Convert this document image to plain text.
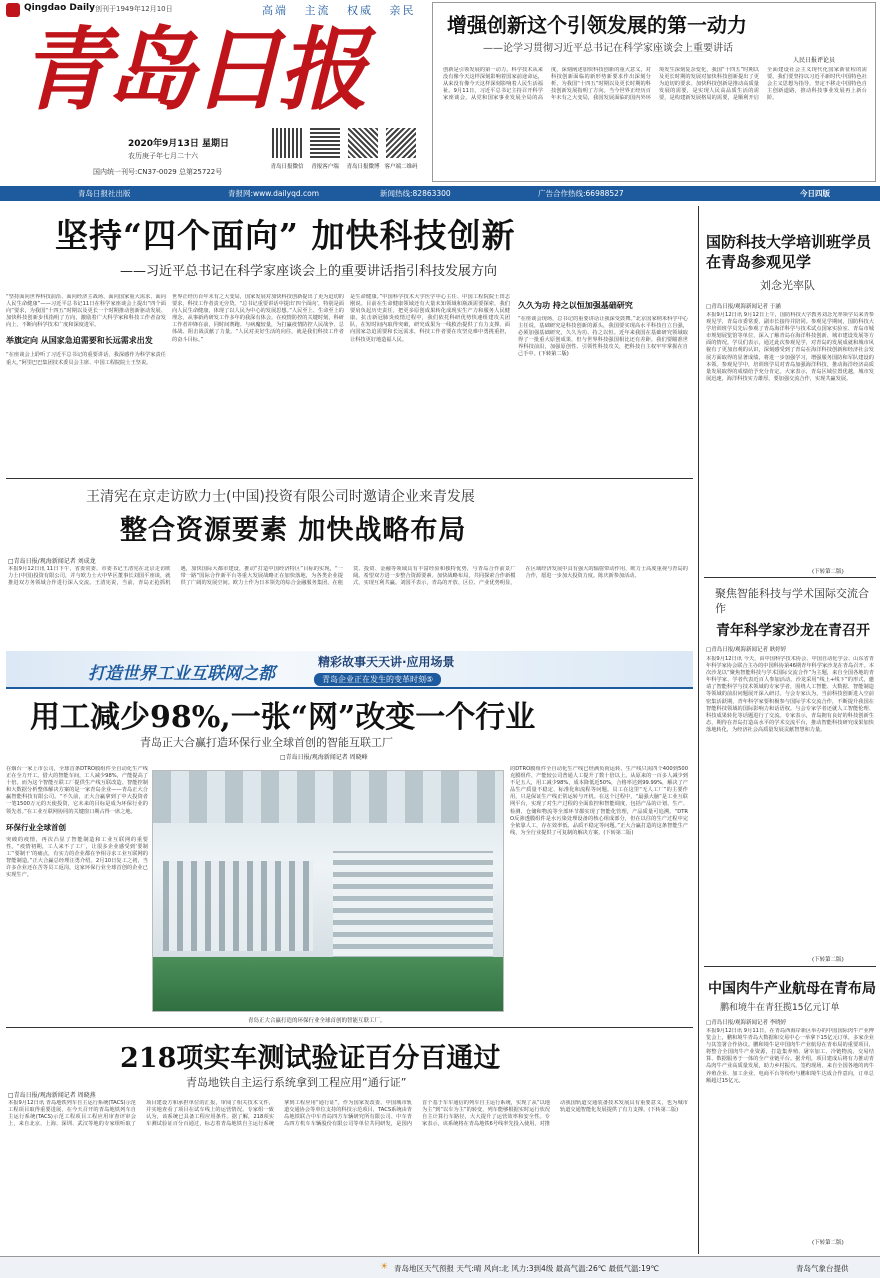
Qingdao Daily 创刊于1949年12月10日	高端 主流 权威 亲民
青岛日报
2020年9月13日 星期日
农历庚子年七月二十六
国内统一刊号:CN37-0029 总第25722号
青岛日报微信	青报客户端	青岛日报微博 客户端二维码
增强创新这个引领发展的第一动力
——论学习贯彻习近平总书记在科学家座谈会上重要讲话
人民日报评论员
创新是引领发展的第一动力。科学技术从来没有像今天这样深刻影响着国家前途命运，从来没有像今天这样深刻影响着人民生活福祉。9月11日，习近平总书记主持召开科学家座谈会，从党和国家事业发展全局的高度，深刻阐述加快科技创新的重大意义，对科技创新面临的新形势新要求作出深刻分析，为我国“十四五”时期以及更长时期的科技创新发展指明了方向。当今世界正经历百年未有之大变局，我国发展面临的国内外环境发生深刻复杂变化，我国“十四五”时期以及更长时期的发展对加快科技创新提出了更为迫切的要求。加快科技创新是推动高质量发展的需要，是实现人民高品质生活的需要，是构建新发展格局的需要，是顺利开启全面建设社会主义现代化国家新征程的需要。我们要坚持以习近平新时代中国特色社会主义思想为指导，坚定不移走中国特色自主创新道路，推动科技事业发展再上新台阶。
青岛日报社出版	青报网:www.dailyqd.com	新闻热线:82863300	广告合作热线:66988527	今日四版
坚持“四个面向” 加快科技创新
——习近平总书记在科学家座谈会上的重要讲话指引科技发展方向
“坚持面向世界科技前沿、面向经济主战场、面向国家重大需求、面向人民生命健康”——习近平总书记11日在科学家座谈会上提出“四个面向”要求，为我国“十四五”时期以及更长一个时期推动创新驱动发展、加快科技创新步伐指明了方向，激励着广大科学家和科技工作者奋发向上、不断向科学技术广度和深度进军。

举旗定向 从国家急迫需要和长远需求出发
“在座谈会上聆听了习近平总书记的重要讲话，我深感作为科学家责任重大。”阿里巴巴集团技术委员会主席、中国工程院院士王坚说。
世界正经历百年未有之大变局，国家发展对加快科技创新提出了更为迫切的要求，科技工作者责无旁贷。“总书记重要讲话中提出‘四个面向’，特别是面向人民生命健康，体现了以人民为中心的发展思想。”人民至上、生命至上的理念，从事新药研发工作多年的我深有体会。在疫情防控的关键时刻，科研工作者冲锋在前，同时间赛跑、与病魔较量，为打赢疫情防控人民战争、总体战、阻击战贡献了力量。“人民对美好生活的向往，就是我们科技工作者的奋斗目标。”
是生命健康。”中国科学技术大学医学中心主任、中国工程院院士田志刚说。目前在生命健康领域还有大量未知领域和瓶颈需要探索，我们要肩负起历史责任，把更多原创成果转化成现实生产力和服务人民健康。抗击新冠肺炎疫情过程中，我们依托科研优势快速组建攻关团队，在短时间内取得突破，研究成果为一线救治提供了有力支撑。面向国家急迫需要和长远需求，科技工作者要在攻坚克难中勇挑重担，让科技更好地造福人民。
久久为功 持之以恒加强基础研究
“在座谈会现场，总书记的重要讲话让我深受鼓舞。”北京国家纳米科学中心主任说，基础研究是科技创新的源头，我国要实现高水平科技自立自强，必须加强基础研究，久久为功、持之以恒。近年来我国在基础研究领域取得了一批重大原创成果，但与世界科技强国相比还有差距。我们要瞄准世界科技前沿，加强原创性、引领性科技攻关，把科技自主权牢牢掌握在自己手中。(下转第二版)
王清宪在京走访欧力士(中国)投资有限公司时邀请企业来青发展
整合资源要素 加快战略布局
□青岛日报/观海新闻记者 刘成龙
本报9月12日讯 11日下午，省委常委、市委书记王清宪在北京走访欧力士(中国)投资有限公司，并与欧力士大中华区董事长刘国平座谈，就推进双方务领域合作进行深入交流。王清宪说，当前，青岛正抢抓机遇，加快国际大都市建设，推动“打造中国经济特区”目标的实现，“一带一路”国际合作新平台等重大发展战略正在加快落地，为各类企业提供了广阔的发展空间。欧力士作为日本领先的综合金融服务集团，在租赁、投资、金融等领域具有丰富经验和独特优势，与青岛合作前景广阔。希望双方进一步整合资源要素、加快战略布局，共同探索合作新模式，实现互利共赢。刘国平表示，青岛的开放、区位、产业优势明显，在区域经济发展中具有强大的辐射带动作用，欧力士高度重视与青岛的合作，愿进一步加大投资力度。陈庆新参加活动。
打造世界工业互联网之都
精彩故事天天讲·应用场景
青岛企业正在发生的变革时刻⑤
用工减少98%,一张“网”改变一个行业
青岛正大合赢打造环保行业全球首创的智能互联工厂
□青岛日报/观海新闻记者 周晓峰
在烟台一家上市公司，全球首条DTRO膜组件全自动化生产线正在全力开工。借大的智能车间，工人减少98%，产能提高了十倍。而为这个智能互联工厂提供生产线互联改造、智能控制和大数据分析整体解决方案的是一家青岛企业——青岛正大合赢智能科技有限公司。“不久前，正大合赢拿到了中大投资者一笔1500万元的天使投资，它未来的目标是成为环保行业的领先者。”在工业互联网协同的关键窗口期占得一席之地。
环保行业全球首创
突破的疫情，再次凸显了智能制造和工业互联网的重要性。“疫情初期，工人来不了工厂，让很多企业感受到‘要制工’‘要制干’的痛点，有实力的企业都在争相寻求工业互联网的智能制造。”正大合赢总经理汪勇介绍。2月10日复工之初，当许多企业还在苦等员工返岗，这家环保行业全球首创的企业已实现生产。
青岛正大合赢打造的环保行业全球首创的智能互联工厂。
的DTRO膜组件全自动化生产线已经满负荷运转，生产线只需四个400到500克膜组件，产能较公司普通人工提升了数十倍以上。从原来的一百多人减少到不足五人，用工减少98%，成本降低近50%，合格率达到99.99%，解决了产品生产质量不稳定、标准化和流程等问题。员工在这里“无人工厂”的主要作用，只是保证生产线正常运转与开机。在这个过程中，“最强大脑”是工业互联网平台，实现了对生产过程的全面监控和智能调度，包括产品的计划、生产、检测、仓储和物流等全部环节都实现了智能化管理，产品质量可追溯。“DTRO反渗透膜组件是水污染处理设备的核心组成部分，但在以往的生产过程中完全依靠人工，存在效率低、品质不稳定等问题。”正大合赢打造的这条智能生产线，为全行业提供了可复制的解决方案。(下转第二版)
218项实车测试验证百分百通过
青岛地铁自主运行系统拿到工程应用“通行证”
□青岛日报/观海新闻记者 周晓燕
本报9月12日讯 青岛地铁列车自主运行系统(TACS)示范工程项目取得重要进展，在今天召开的青岛地铁列车自主运行系统(TACS)示范工程项目工程应用审查评审会上，来自北京、上海、深圳、武汉等地的专家组听取了项目建设方和承担单位的汇报，审阅了相关技术文件，并实地查看了项目在试车线上的运营情况。专家组一致认为，该系统已具备工程应用条件。据了解，218项实车测试验证百分百通过，标志着青岛地铁自主运行系统拿到工程应用“通行证”。作为国家发改委、中国城市轨道交通协会等单位支持的科技示范项目，TACS系统由青岛地铁联合中车青岛四方车辆研究所有限公司、中车青岛四方机车车辆股份有限公司等单位共同研发，是国内首个基于车车通信的列车自主运行系统，实现了从“以地为主”到“以车为主”的转变，列车能够根据实时运行状况自主计算行车路径，大大提升了运营效率和安全性。专家表示，该系统将在青岛地铁6号线率先投入使用，对推动我国轨道交通装备技术发展具有重要意义，也为城市轨道交通智能化发展提供了有力支撑。(下转第二版)
国防科技大学培训班学员在青岛参观见学
刘念光率队
□青岛日报/观海新闻记者 于涵
本报9月12日讯 9月12日上午，国防科技大学教务刘念光率领学员来青参观见学，青岛市委常委、副市长接待并陪同。参观见学期间，国防科技大学培训班学员先后参观了青岛海洋科学与技术试点国家实验室、青岛市城市规划展览馆等单位，深入了解青岛在海洋科技创新、城市建设发展等方面的情况。学员们表示，通过此次参观见学，对青岛的发展成就和城市风貌有了更加直观的认识，深刻感受到了青岛在海洋科技创新和经济社会发展方面取得的显著成绩，将进一步加强学习，增强服务国防和军队建设的本领。参观见学中，培训班学员对青岛加强海洋科技、推动海洋经济高质量发展取得的成绩给予充分肯定。大家表示，青岛区域位置优越，城市发展迅速，海洋科技实力雄厚，要加强交流合作，实现共赢发展。
(下转第二版)
聚焦智能科技与学术国际交流合作
青年科学家沙龙在青召开
□青岛日报/观海新闻记者 耿婷婷
本报9月12日讯 今天，由中国科学技术协会、中国自动化学会、山东省青年科学家协会联合主办的中国科协第46期青年科学家沙龙在青岛召开。本次沙龙以“聚焦智能科技与学术国际交流合作”为主题，来自全国各地的青年科学家、学者代表近百人参加活动。沙龙采用“线上+线下”的形式，邀请了智能科学与技术领域的专家学者，围绕人工智能、大数据、智能制造等领域的前沿问题展开深入研讨。与会专家认为，当前科技创新进入空前密集活跃期，青年科学家要积极参与国际学术交流合作，不断提升我国在智能科技领域的国际影响力和话语权。与会专家学者还就人工智能伦理、科技成果转化等话题进行了交流。专家表示，青岛拥有良好的科技创新生态，期待在青岛打造高水平的学术交流平台，推动智能科技研究成果加快落地转化，为经济社会高质量发展贡献智慧和力量。
(下转第二版)
中国肉牛产业航母在青布局
鹏和境牛在青狂揽15亿元订单
□青岛日报/观海新闻记者 李晓婷
本报9月12日讯 9月11日，在青岛西海岸新区举办的中国国际肉牛产业博览会上，鹏和境牛青岛大数据和交易中心一举拿下15亿元订单，多家企业与其签署合作协议。鹏和境牛是中国肉牛产业航母在青布局的重要项目，将整合全国肉牛产业资源，打造集养殖、屠宰加工、冷链物流、交易结算、数据服务于一体的全产业链平台。据介绍，项目建成后将有力推动青岛肉牛产业高质量发展，助力乡村振兴。签约现场，来自全国各地的肉牛养殖企业、加工企业、电商平台等纷纷与鹏和境牛达成合作意向，订单总额超过15亿元。
(下转第二版)
☀ 青岛地区天气预报 天气:晴 风向:北 风力:3到4级 最高气温:26℃ 最低气温:19℃	青岛气象台提供
